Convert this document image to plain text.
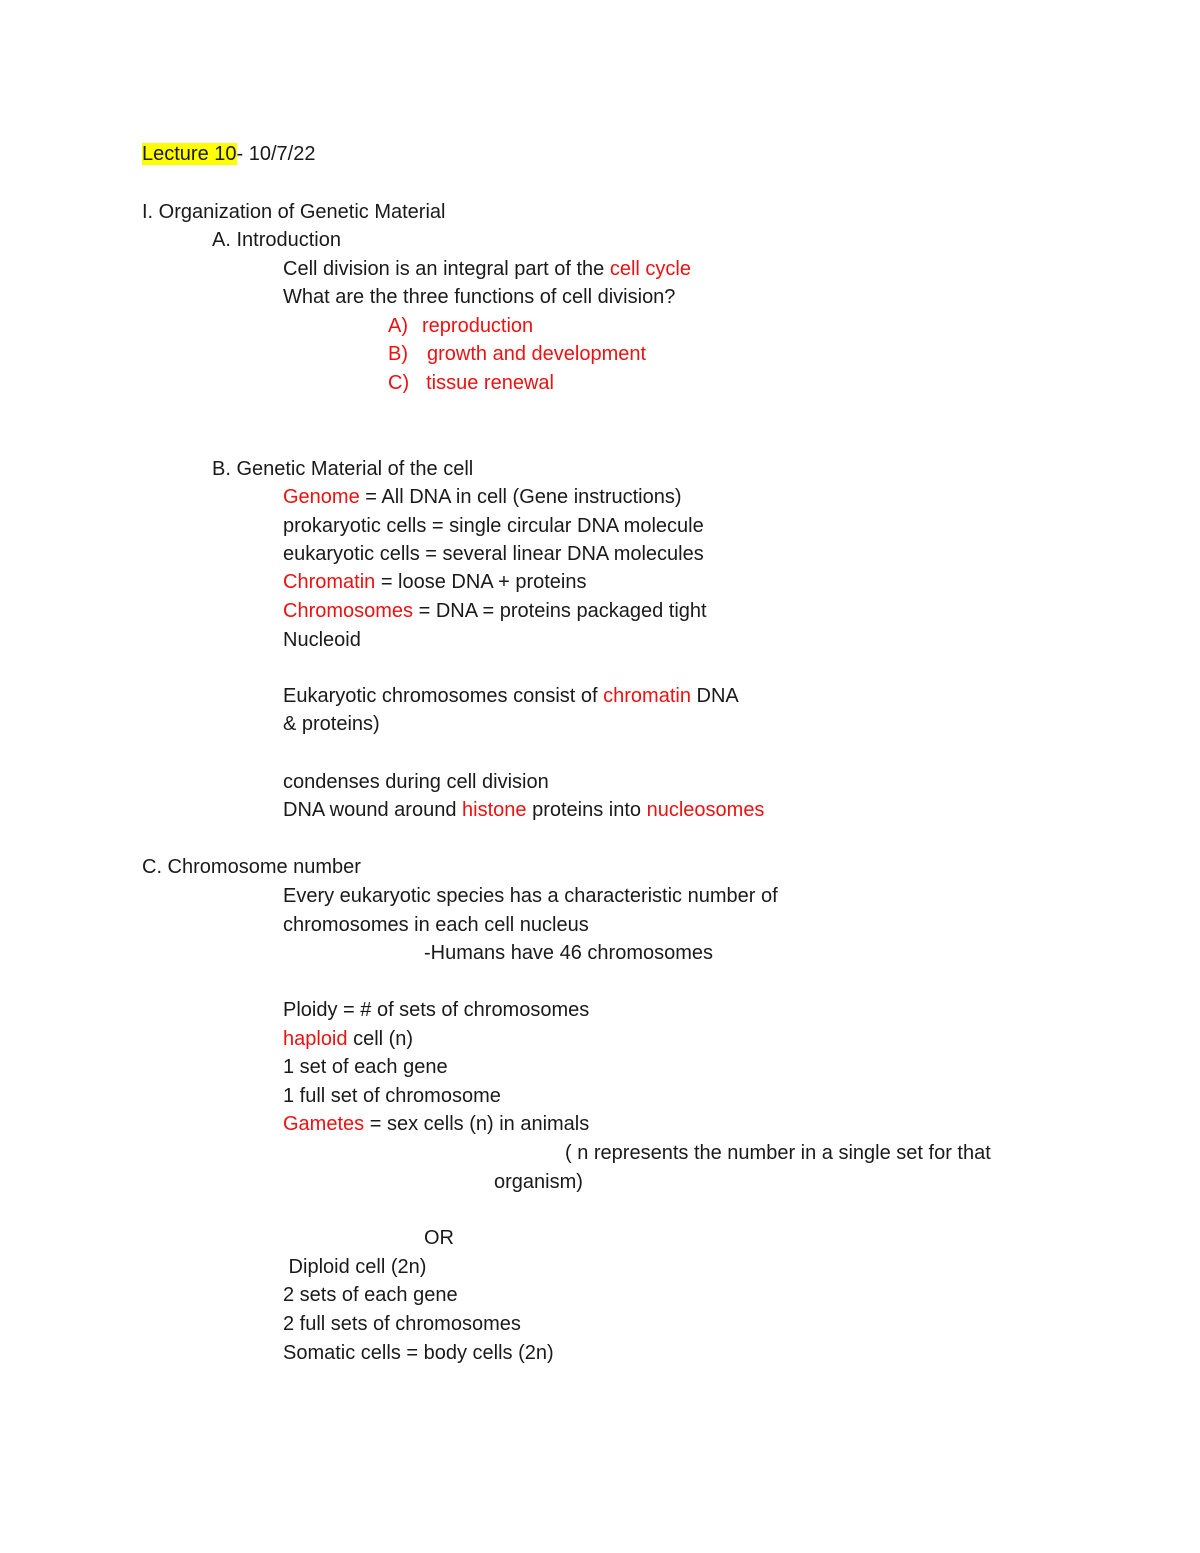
Lecture 10- 10/7/22
I. Organization of Genetic Material
A. Introduction
Cell division is an integral part of the cell cycle
What are the three functions of cell division?
A) reproduction
B) growth and development
C) tissue renewal
B. Genetic Material of the cell
Genome = All DNA in cell (Gene instructions)
prokaryotic cells = single circular DNA molecule
eukaryotic cells = several linear DNA molecules
Chromatin = loose DNA + proteins
Chromosomes = DNA = proteins packaged tight
Nucleoid
Eukaryotic chromosomes consist of chromatin DNA
& proteins)
condenses during cell division
DNA wound around histone proteins into nucleosomes
C. Chromosome number
Every eukaryotic species has a characteristic number of
chromosomes in each cell nucleus
-Humans have 46 chromosomes
Ploidy = # of sets of chromosomes
haploid cell (n)
1 set of each gene
1 full set of chromosome
Gametes = sex cells (n) in animals
( n represents the number in a single set for that
organism)
OR
Diploid cell (2n)
2 sets of each gene
2 full sets of chromosomes
Somatic cells = body cells (2n)
